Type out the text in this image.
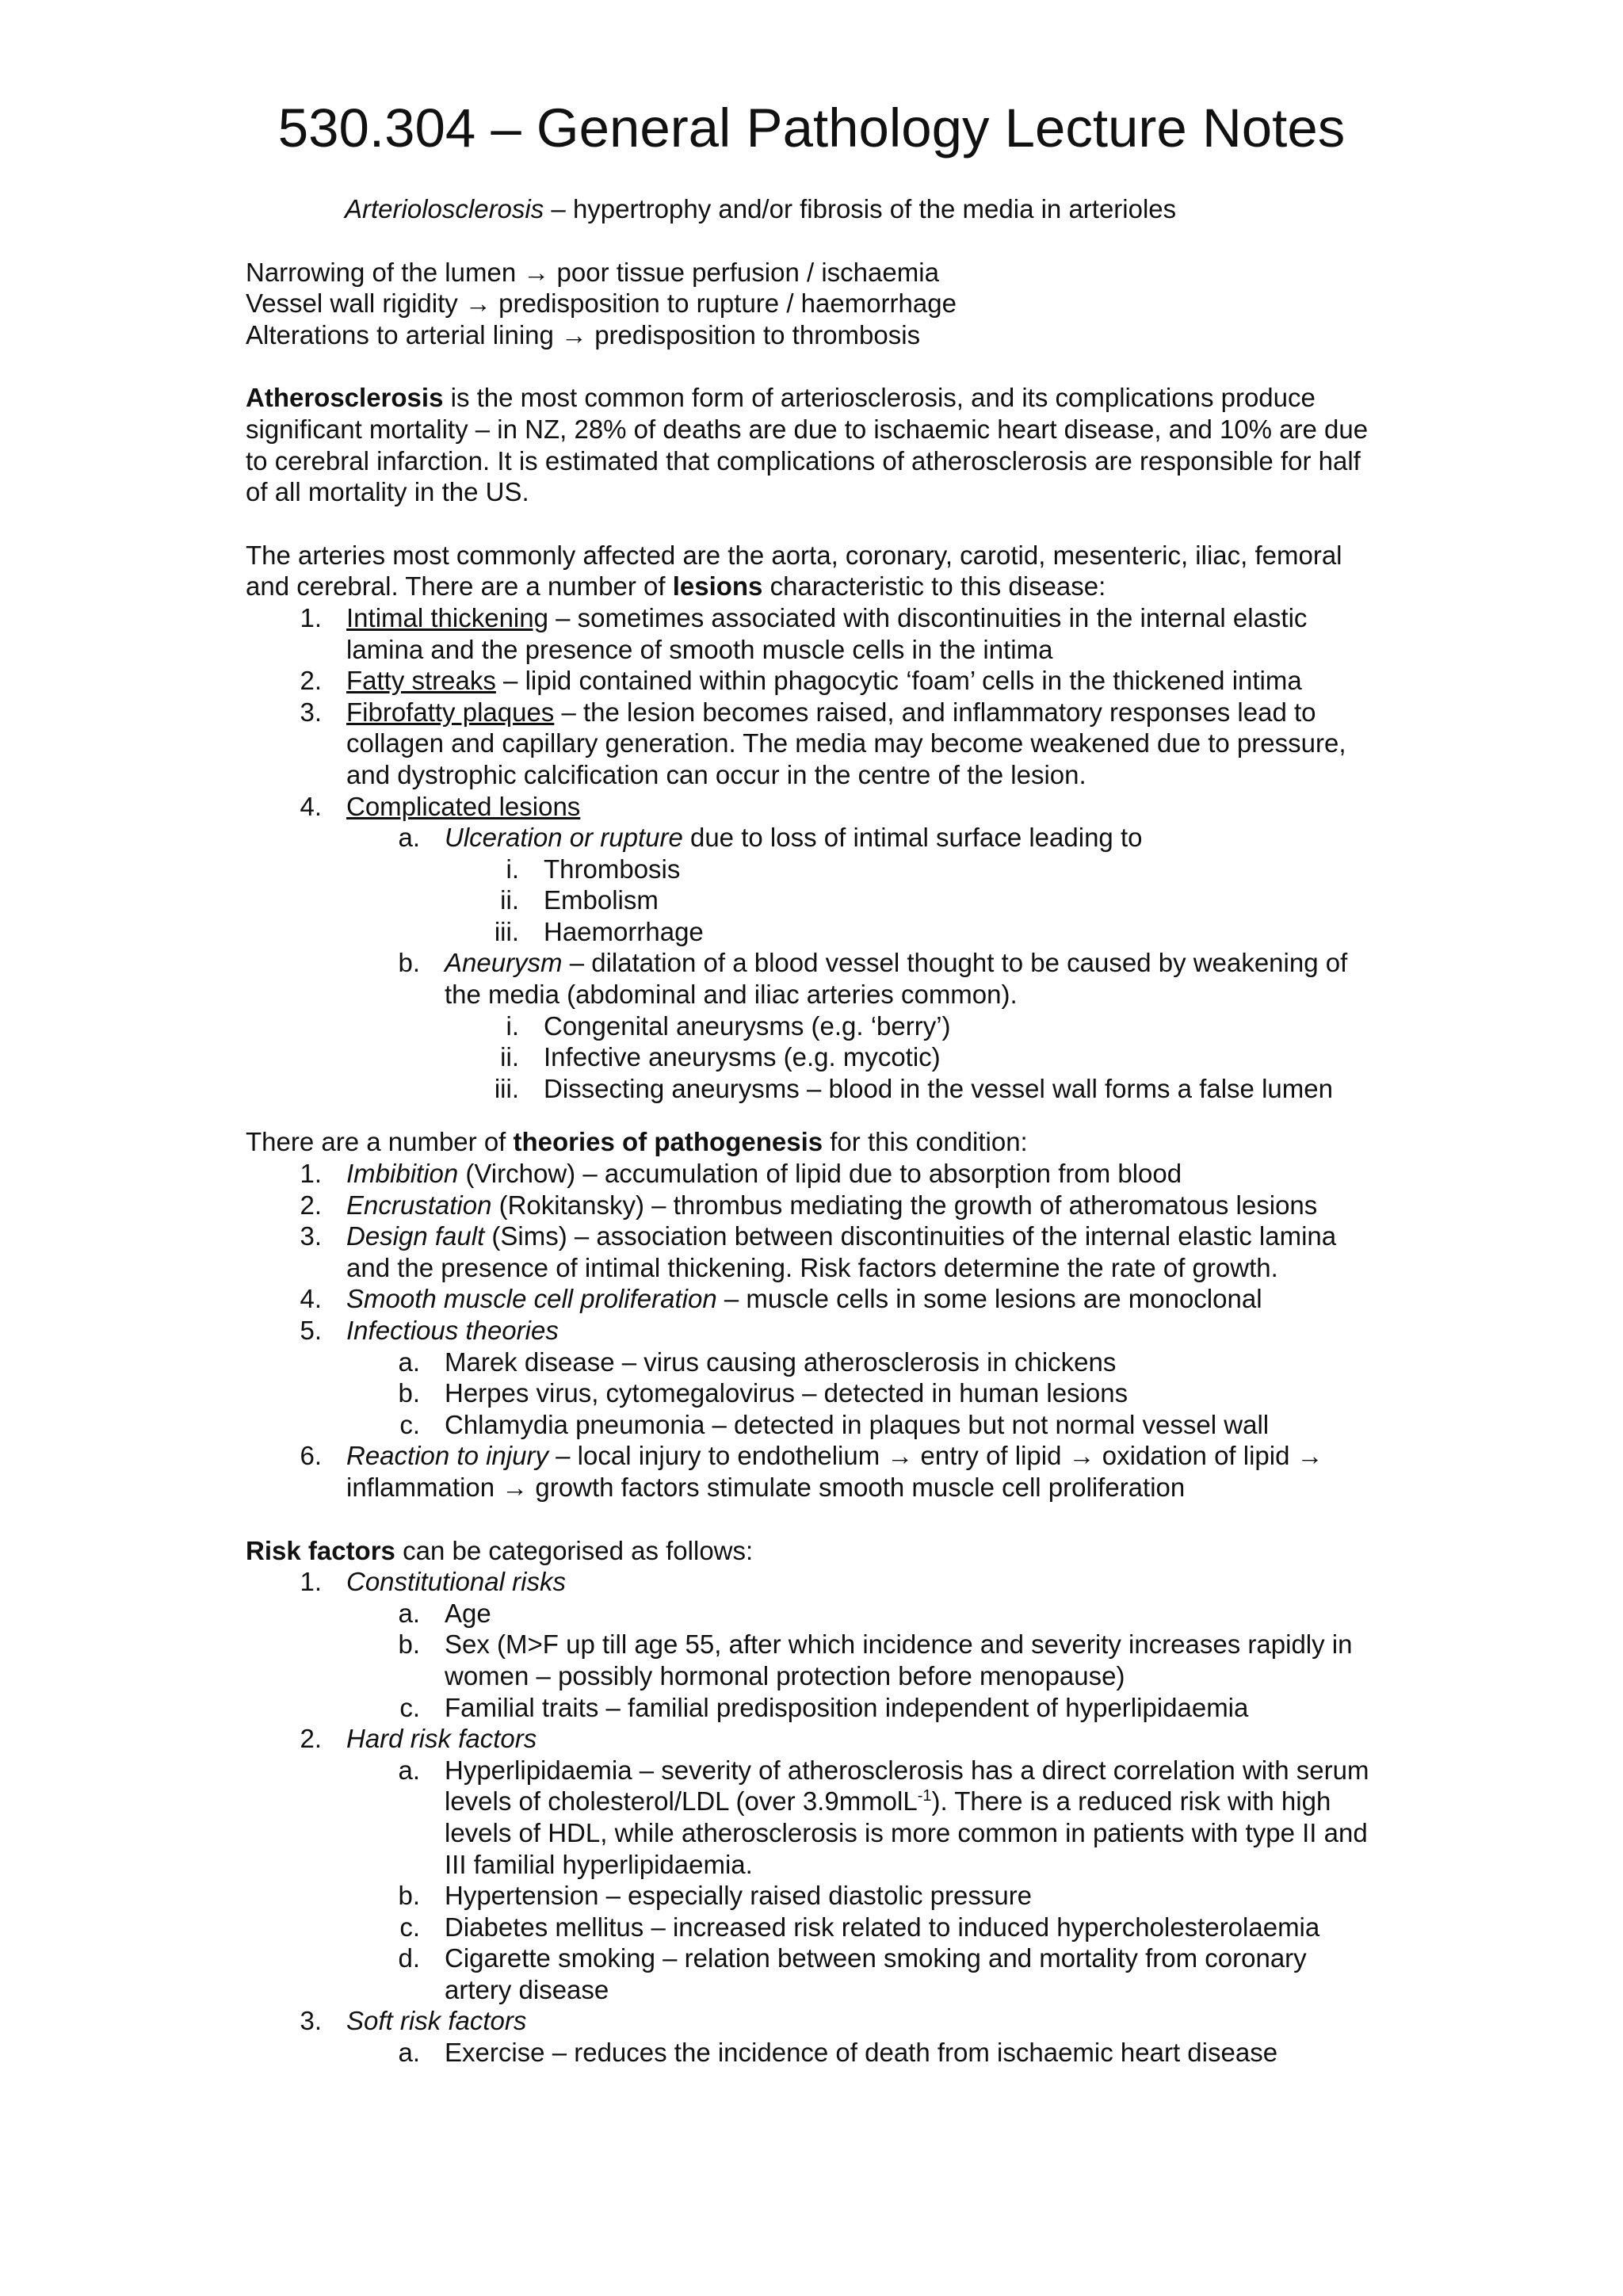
530.304 – General Pathology Lecture Notes

Arteriolosclerosis – hypertrophy and/or fibrosis of the media in arterioles

Narrowing of the lumen → poor tissue perfusion / ischaemia

Vessel wall rigidity → predisposition to rupture / haemorrhage

Alterations to arterial lining → predisposition to thrombosis

Atherosclerosis is the most common form of arteriosclerosis, and its complications produce significant mortality – in NZ, 28% of deaths are due to ischaemic heart disease, and 10% are due to cerebral infarction. It is estimated that complications of atherosclerosis are responsible for half of all mortality in the US.

The arteries most commonly affected are the aorta, coronary, carotid, mesenteric, iliac, femoral and cerebral. There are a number of lesions characteristic to this disease:

1. Intimal thickening – sometimes associated with discontinuities in the internal elastic lamina and the presence of smooth muscle cells in the intima
2. Fatty streaks – lipid contained within phagocytic ‘foam’ cells in the thickened intima
3. Fibrofatty plaques – the lesion becomes raised, and inflammatory responses lead to collagen and capillary generation. The media may become weakened due to pressure, and dystrophic calcification can occur in the centre of the lesion.
4. Complicated lesions
a. Ulceration or rupture due to loss of intimal surface leading to
i. Thrombosis
ii. Embolism
iii. Haemorrhage
b. Aneurysm – dilatation of a blood vessel thought to be caused by weakening of the media (abdominal and iliac arteries common).
i. Congenital aneurysms (e.g. ‘berry’)
ii. Infective aneurysms (e.g. mycotic)
iii. Dissecting aneurysms – blood in the vessel wall forms a false lumen

There are a number of theories of pathogenesis for this condition:

1. Imbibition (Virchow) – accumulation of lipid due to absorption from blood
2. Encrustation (Rokitansky) – thrombus mediating the growth of atheromatous lesions
3. Design fault (Sims) – association between discontinuities of the internal elastic lamina and the presence of intimal thickening. Risk factors determine the rate of growth.
4. Smooth muscle cell proliferation – muscle cells in some lesions are monoclonal
5. Infectious theories
a. Marek disease – virus causing atherosclerosis in chickens
b. Herpes virus, cytomegalovirus – detected in human lesions
c. Chlamydia pneumonia – detected in plaques but not normal vessel wall
6. Reaction to injury – local injury to endothelium → entry of lipid → oxidation of lipid → inflammation → growth factors stimulate smooth muscle cell proliferation

Risk factors can be categorised as follows:

1. Constitutional risks
a. Age
b. Sex (M>F up till age 55, after which incidence and severity increases rapidly in women – possibly hormonal protection before menopause)
c. Familial traits – familial predisposition independent of hyperlipidaemia
2. Hard risk factors
a. Hyperlipidaemia – severity of atherosclerosis has a direct correlation with serum levels of cholesterol/LDL (over 3.9mmolL$^{-1}$). There is a reduced risk with high levels of HDL, while atherosclerosis is more common in patients with type II and III familial hyperlipidaemia.
b. Hypertension – especially raised diastolic pressure
c. Diabetes mellitus – increased risk related to induced hypercholesterolaemia
d. Cigarette smoking – relation between smoking and mortality from coronary artery disease
3. Soft risk factors
a. Exercise – reduces the incidence of death from ischaemic heart disease
